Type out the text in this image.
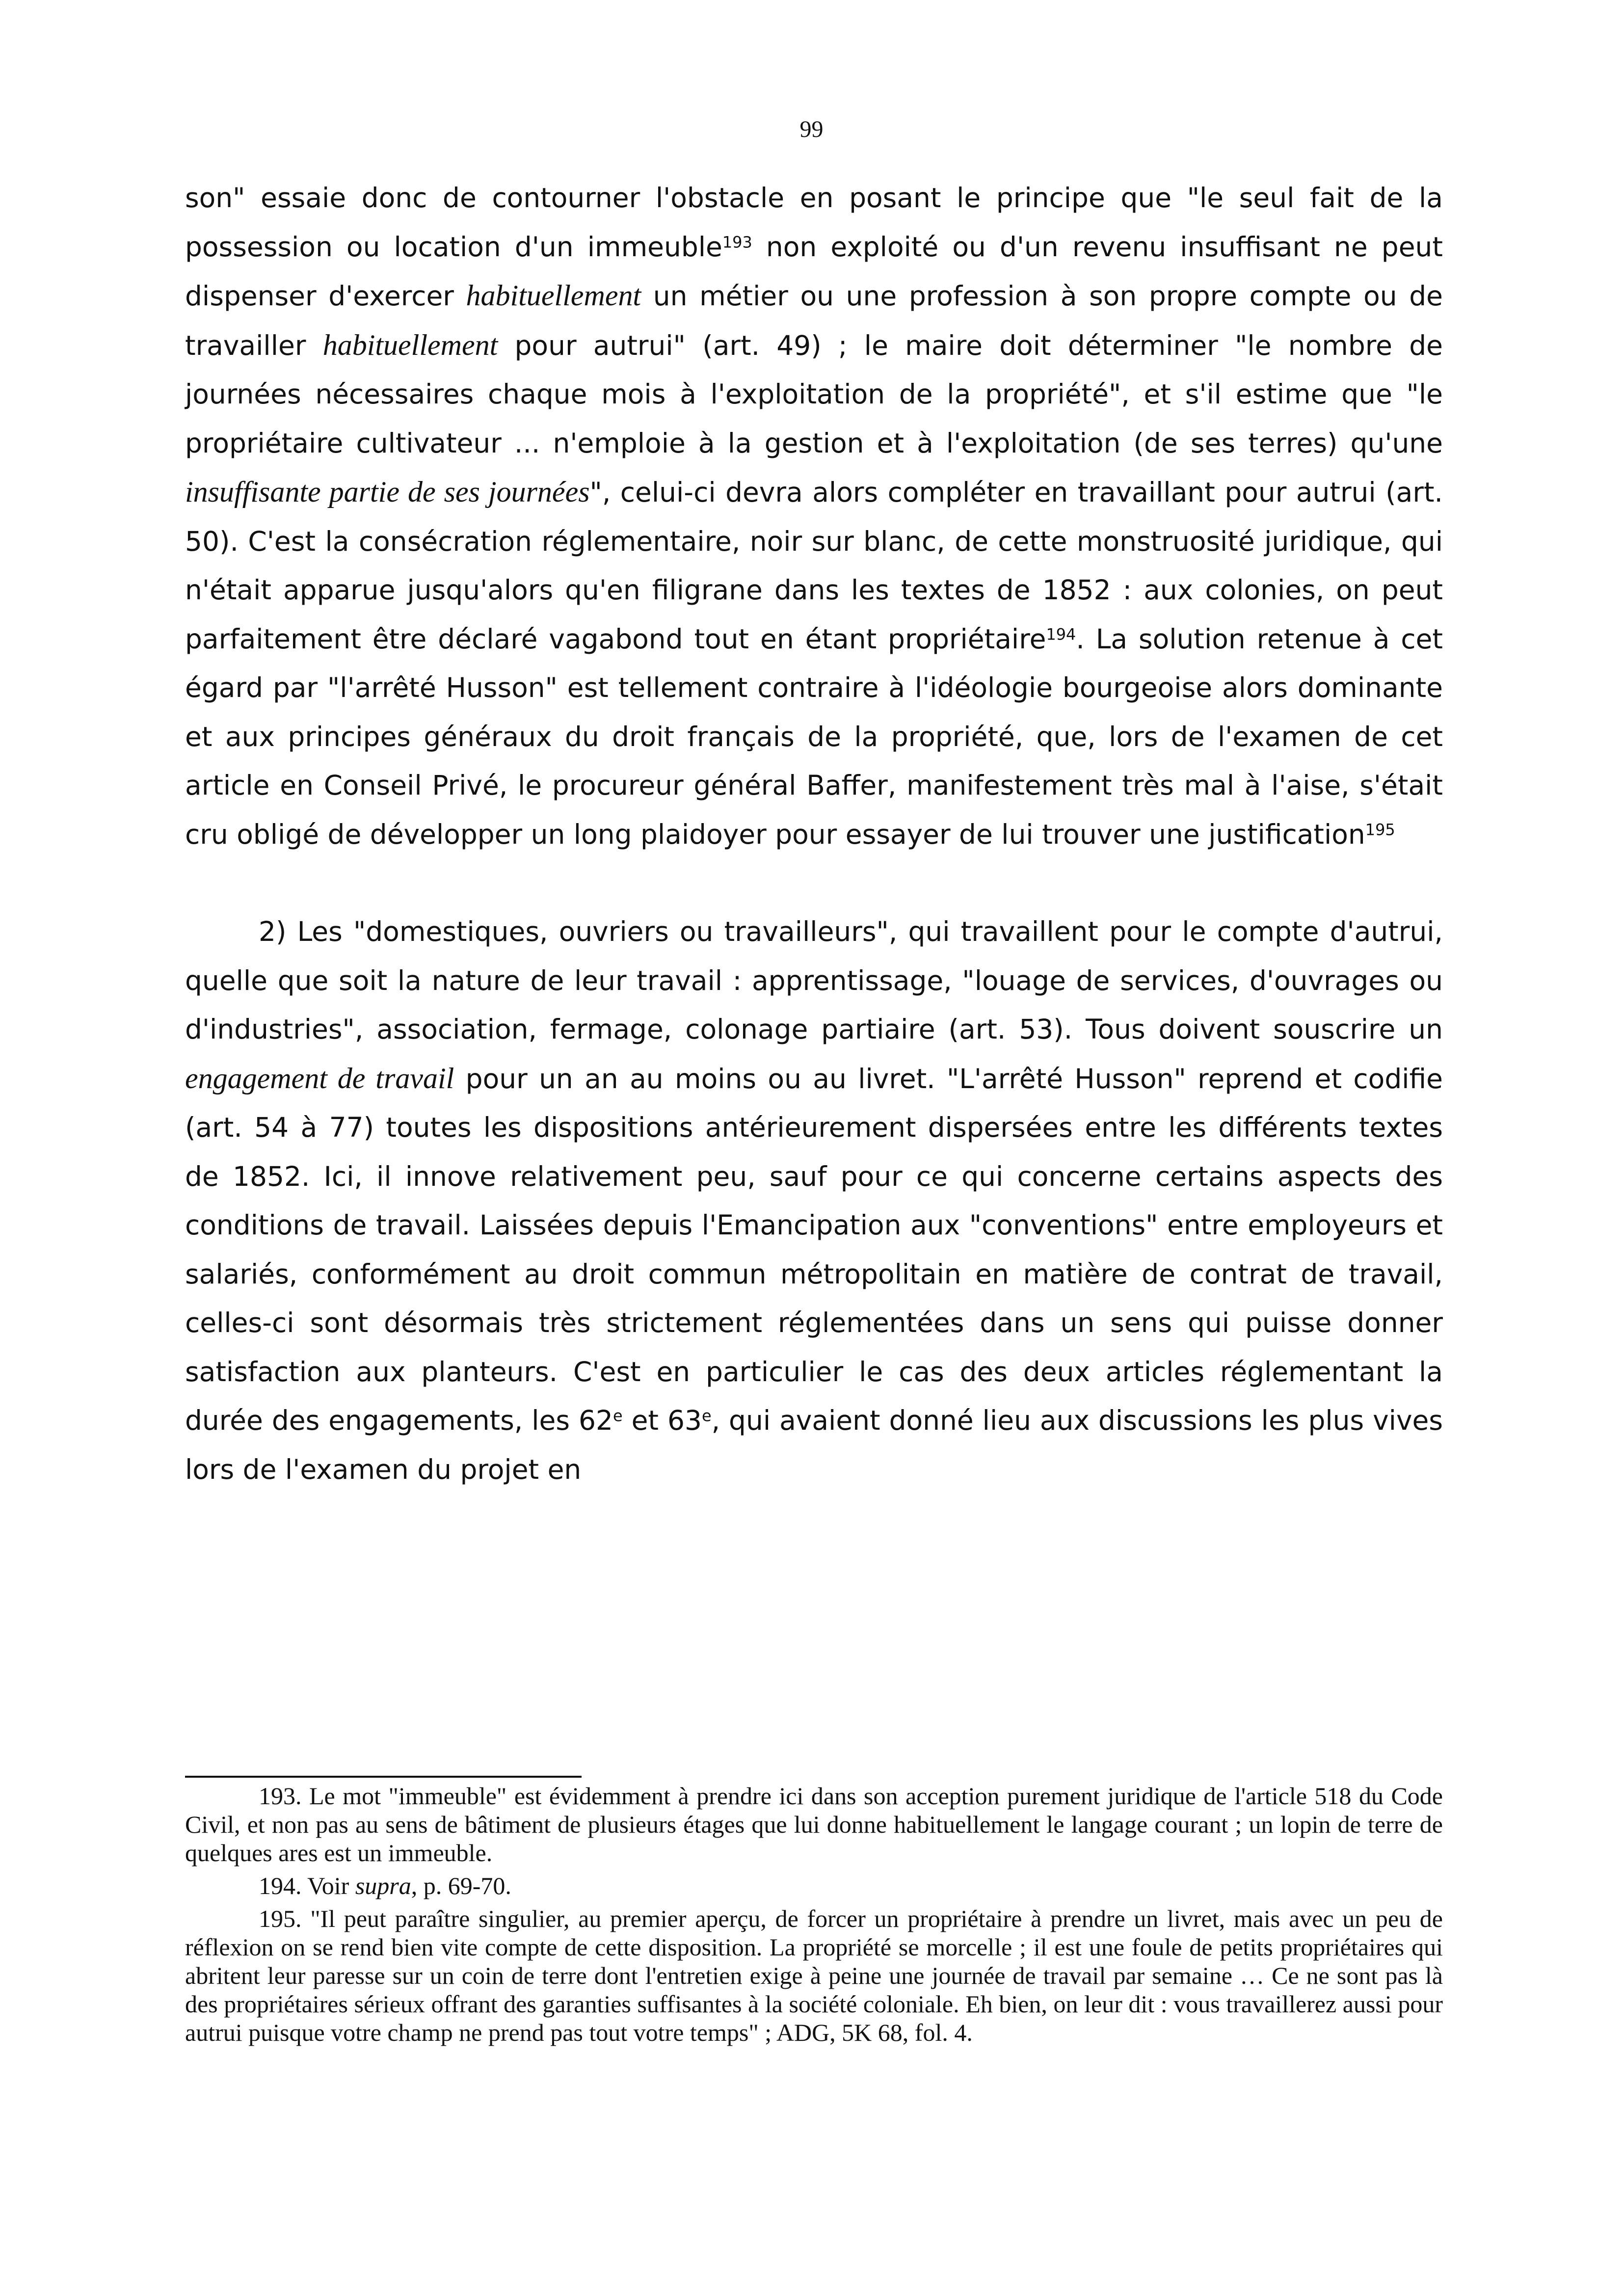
99

son" essaie donc de contourner l'obstacle en posant le principe que "le seul fait de la possession ou location d'un immeuble$^{193}$ non exploité ou d'un revenu insuffisant ne peut dispenser d'exercer habituellement un métier ou une profession à son propre compte ou de travailler habituellement pour autrui" (art. 49) ; le maire doit déterminer "le nombre de journées nécessaires chaque mois à l'exploitation de la propriété", et s'il estime que "le propriétaire cultivateur ... n'emploie à la gestion et à l'exploitation (de ses terres) qu'une insuffisante partie de ses journées", celui-ci devra alors compléter en travaillant pour autrui (art. 50). C'est la consécration réglementaire, noir sur blanc, de cette monstruosité juridique, qui n'était apparue jusqu'alors qu'en filigrane dans les textes de 1852 : aux colonies, on peut parfaitement être déclaré vagabond tout en étant propriétaire$^{194}$. La solution retenue à cet égard par "l'arrêté Husson" est tellement contraire à l'idéologie bourgeoise alors dominante et aux principes généraux du droit français de la propriété, que, lors de l'examen de cet article en Conseil Privé, le procureur général Baffer, manifestement très mal à l'aise, s'était cru obligé de développer un long plaidoyer pour essayer de lui trouver une justification$^{195}$

2) Les "domestiques, ouvriers ou travailleurs", qui travaillent pour le compte d'autrui, quelle que soit la nature de leur travail : apprentissage, "louage de services, d'ouvrages ou d'industries", association, fermage, colonage partiaire (art. 53). Tous doivent souscrire un engagement de travail pour un an au moins ou au livret. "L'arrêté Husson" reprend et codifie (art. 54 à 77) toutes les dispositions antérieurement dispersées entre les différents textes de 1852. Ici, il innove relativement peu, sauf pour ce qui concerne certains aspects des conditions de travail. Laissées depuis l'Emancipation aux "conventions" entre employeurs et salariés, conformément au droit commun métropolitain en matière de contrat de travail, celles-ci sont désormais très strictement réglementées dans un sens qui puisse donner satisfaction aux planteurs. C'est en particulier le cas des deux articles réglementant la durée des engagements, les 62e et 63e, qui avaient donné lieu aux discussions les plus vives lors de l'examen du projet en

193. Le mot "immeuble" est évidemment à prendre ici dans son acception purement juridique de l'article 518 du Code Civil, et non pas au sens de bâtiment de plusieurs étages que lui donne habituellement le langage courant ; un lopin de terre de quelques ares est un immeuble.

194. Voir supra, p. 69-70.

195. "Il peut paraître singulier, au premier aperçu, de forcer un propriétaire à prendre un livret, mais avec un peu de réflexion on se rend bien vite compte de cette disposition. La propriété se morcelle ; il est une foule de petits propriétaires qui abritent leur paresse sur un coin de terre dont l'entretien exige à peine une journée de travail par semaine … Ce ne sont pas là des propriétaires sérieux offrant des garanties suffisantes à la société coloniale. Eh bien, on leur dit : vous travaillerez aussi pour autrui puisque votre champ ne prend pas tout votre temps" ; ADG, 5K 68, fol. 4.
